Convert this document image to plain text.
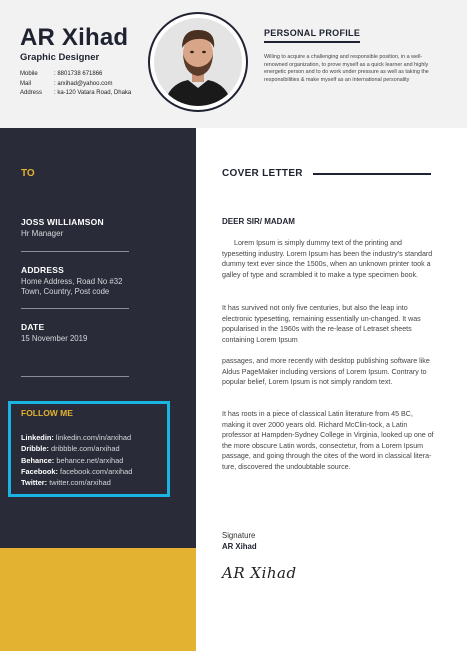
AR Xihad
Graphic Designer
Mobile	: 8801738 671866
Mail	: arxihad@yahoo.com
Address	: ka-120 Vatara Road, Dhaka
PERSONAL PROFILE
Willing to acquire a challenging and responsible position, in a well-renowned organization, to prove myself as a quick learner and highly energetic person and to do work under pressure as well as taking the responsibilities & make myself as an international personality
TO
JOSS WILLIAMSON
Hr Manager
ADDRESS
Home Address, Road No #32
Town, Country, Post code
DATE
15 November 2019
FOLLOW ME
Linkedin: linkedin.com/in/arxihad
Dribble: dribbble.com/arxihad
Behance: behance.net/arxihad
Facebook: facebook.com/arxihad
Twitter: twitter.com/arxihad
COVER LETTER
DEER SIR/ MADAM
Lorem Ipsum is simply dummy text of the printing and typesetting industry. Lorem Ipsum has been the industry's standard dummy text ever since the 1500s, when an unknown printer took a galley of type and scrambled it to make a type specimen book.
It has survived not only five centuries, but also the leap into electronic typesetting, remaining essentially un-changed. It was popularised in the 1960s with the re-lease of Letraset sheets containing Lorem Ipsum
passages, and more recently with desktop publishing software like Aldus PageMaker including versions of Lorem Ipsum. Contrary to popular belief, Lorem Ipsum is not simply random text.
It has roots in a piece of classical Latin literature from 45 BC, making it over 2000 years old. Richard McClin-tock, a Latin professor at Hampden-Sydney College in Virginia, looked up one of the more obscure Latin words, consectetur, from a Lorem Ipsum passage, and going through the cites of the word in classical litera-ture, discovered the undoubtable source.
Signature
AR Xihad
AR Xihad
